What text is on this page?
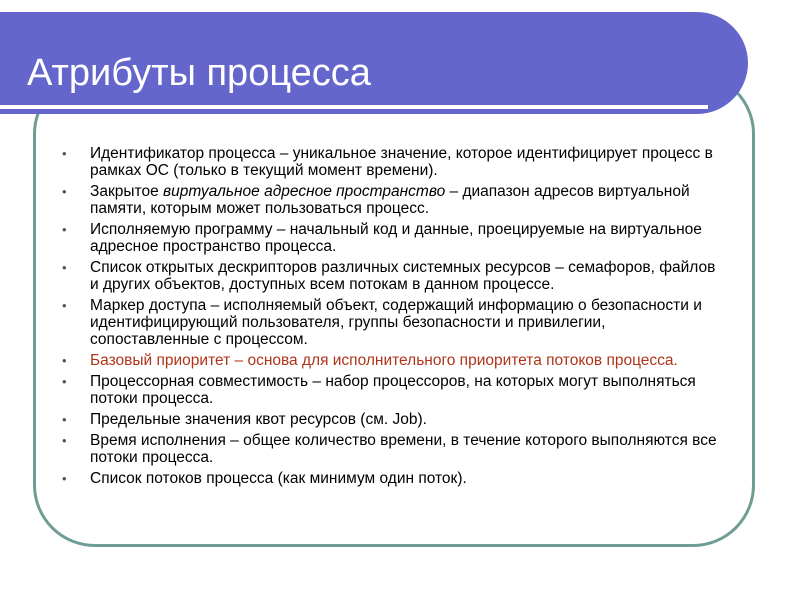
Атрибуты процесса
• Идентификатор процесса – уникальное значение, которое идентифицирует процесс в рамках ОС (только в текущий момент времени).
• Закрытое виртуальное адресное пространство – диапазон адресов виртуальной памяти, которым может пользоваться процесс.
• Исполняемую программу – начальный код и данные, проецируемые на виртуальное адресное пространство процесса.
• Список открытых дескрипторов различных системных ресурсов – семафоров, файлов и других объектов, доступных всем потокам в данном процессе.
• Маркер доступа – исполняемый объект, содержащий информацию о безопасности и идентифицирующий пользователя, группы безопасности и привилегии, сопоставленные с процессом.
• Базовый приоритет – основа для исполнительного приоритета потоков процесса.
• Процессорная совместимость – набор процессоров, на которых могут выполняться потоки процесса.
• Предельные значения квот ресурсов (см. Job).
• Время исполнения – общее количество времени, в течение которого выполняются все потоки процесса.
• Список потоков процесса (как минимум один поток).
